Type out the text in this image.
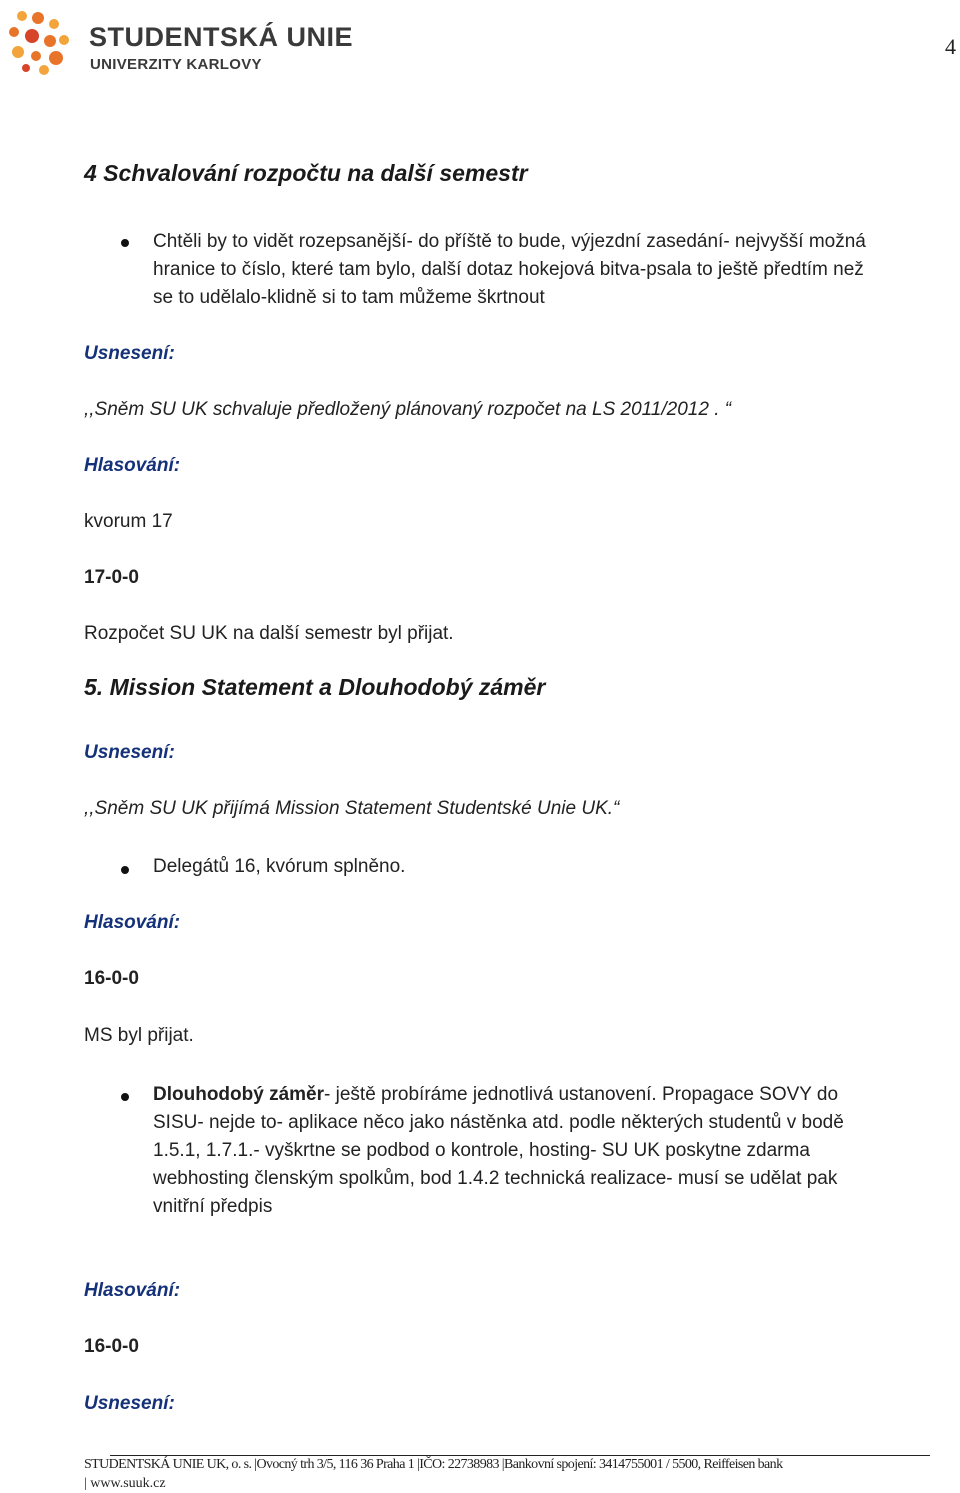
STUDENTSKÁ UNIE
UNIVERZITY KARLOVY
4
4 Schvalování rozpočtu na další semestr
Chtěli by to vidět rozepsanější- do příště to bude, výjezdní zasedání- nejvyšší možná
hranice to číslo, které tam bylo, další dotaz hokejová bitva-psala to ještě předtím než
se to udělalo-klidně si to tam můžeme škrtnout
Usnesení:
,,Sněm SU UK schvaluje předložený plánovaný rozpočet na LS 2011/2012 . “
Hlasování:
kvorum 17
17-0-0
Rozpočet SU UK na další semestr byl přijat.
5. Mission Statement a Dlouhodobý záměr
Usnesení:
,,Sněm SU UK přijímá Mission Statement Studentské Unie UK.“
Delegátů 16, kvórum splněno.
Hlasování:
16-0-0
MS byl přijat.
Dlouhodobý záměr- ještě probíráme jednotlivá ustanovení. Propagace SOVY do
SISU- nejde to- aplikace něco jako nástěnka atd. podle některých studentů v bodě
1.5.1, 1.7.1.- vyškrtne se podbod o kontrole, hosting- SU UK poskytne zdarma
webhosting členským spolkům, bod 1.4.2 technická realizace- musí se udělat pak
vnitřní předpis
Hlasování:
16-0-0
Usnesení:
STUDENTSKÁ UNIE UK, o. s. |Ovocný trh 3/5, 116 36 Praha 1 |IČO: 22738983 |Bankovní spojení: 3414755001 / 5500, Reiffeisen bank
| www.suuk.cz
